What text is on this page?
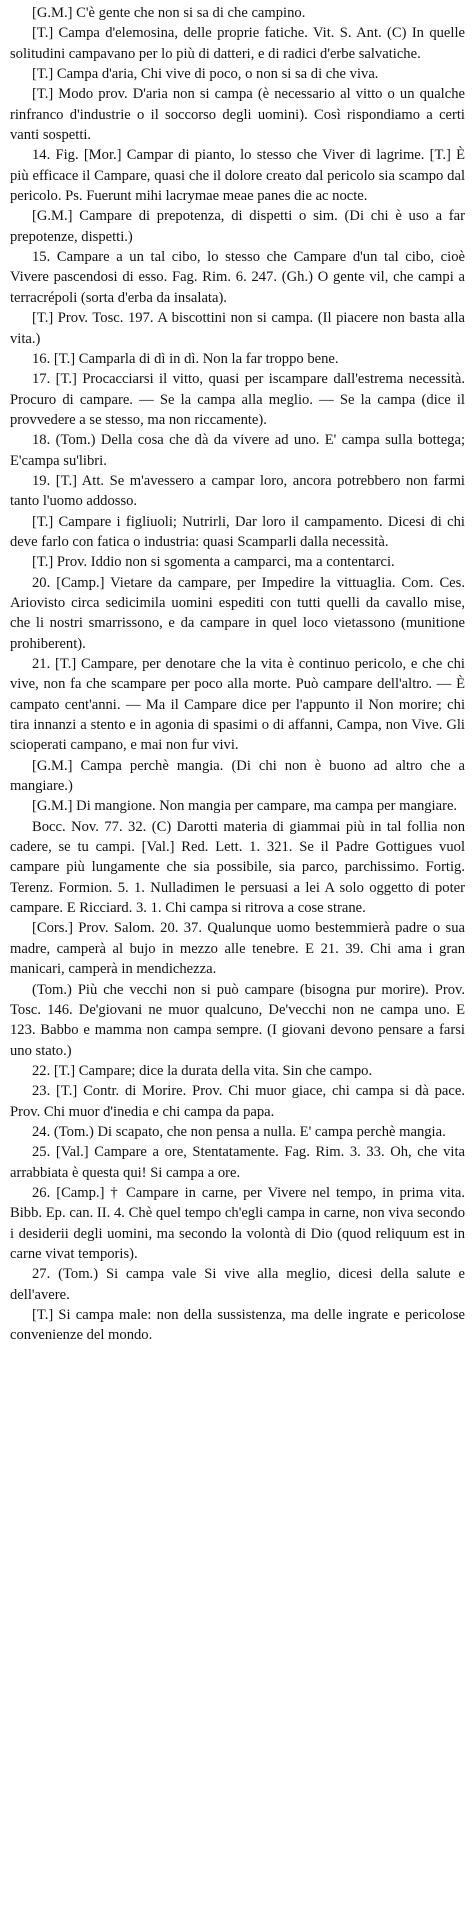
[G.M.] C'è gente che non si sa di che campino.

[T.] Campa d'elemosina, delle proprie fatiche. Vit. S. Ant. (C) In quelle solitudini campavano per lo più di datteri, e di radici d'erbe salvatiche.

[T.] Campa d'aria, Chi vive di poco, o non si sa di che viva.

[T.] Modo prov. D'aria non si campa (è necessario al vitto o un qualche rinfranco d'industrie o il soccorso degli uomini). Così rispondiamo a certi vanti sospetti.

14. Fig. [Mor.] Campar di pianto, lo stesso che Viver di lagrime. [T.] È più efficace il Campare, quasi che il dolore creato dal pericolo sia scampo dal pericolo. Ps. Fuerunt mihi lacrymae meae panes die ac nocte.

[G.M.] Campare di prepotenza, di dispetti o sim. (Di chi è uso a far prepotenze, dispetti.)

15. Campare a un tal cibo, lo stesso che Campare d'un tal cibo, cioè Vivere pascendosi di esso. Fag. Rim. 6. 247. (Gh.) O gente vil, che campi a terracrépoli (sorta d'erba da insalata).

[T.] Prov. Tosc. 197. A biscottini non si campa. (Il piacere non basta alla vita.)

16. [T.] Camparla di dì in dì. Non la far troppo bene.

17. [T.] Procacciarsi il vitto, quasi per iscampare dall'estrema necessità. Procuro di campare. — Se la campa alla meglio. — Se la campa (dice il provvedere a se stesso, ma non riccamente).

18. (Tom.) Della cosa che dà da vivere ad uno. E' campa sulla bottega; E'campa su'libri.

19. [T.] Att. Se m'avessero a campar loro, ancora potrebbero non farmi tanto l'uomo addosso.

[T.] Campare i figliuoli; Nutrirli, Dar loro il campamento. Dicesi di chi deve farlo con fatica o industria: quasi Scamparli dalla necessità.

[T.] Prov. Iddio non si sgomenta a camparci, ma a contentarci.

20. [Camp.] Vietare da campare, per Impedire la vittuaglia. Com. Ces. Ariovisto circa sedicimila uomini espediti con tutti quelli da cavallo mise, che li nostri smarrissono, e da campare in quel loco vietassono (munitione prohiberent).

21. [T.] Campare, per denotare che la vita è continuo pericolo, e che chi vive, non fa che scampare per poco alla morte. Può campare dell'altro. — È campato cent'anni. — Ma il Campare dice per l'appunto il Non morire; chi tira innanzi a stento e in agonia di spasimi o di affanni, Campa, non Vive. Gli scioperati campano, e mai non fur vivi.

[G.M.] Campa perchè mangia. (Di chi non è buono ad altro che a mangiare.)

[G.M.] Di mangione. Non mangia per campare, ma campa per mangiare.

Bocc. Nov. 77. 32. (C) Darotti materia di giammai più in tal follia non cadere, se tu campi. [Val.] Red. Lett. 1. 321. Se il Padre Gottigues vuol campare più lungamente che sia possibile, sia parco, parchissimo. Fortig. Terenz. Formion. 5. 1. Nulladimen le persuasi a lei A solo oggetto di poter campare. E Ricciard. 3. 1. Chi campa si ritrova a cose strane.

[Cors.] Prov. Salom. 20. 37. Qualunque uomo bestemmierà padre o sua madre, camperà al bujo in mezzo alle tenebre. E 21. 39. Chi ama i gran manicari, camperà in mendichezza.

(Tom.) Più che vecchi non si può campare (bisogna pur morire). Prov. Tosc. 146. De'giovani ne muor qualcuno, De'vecchi non ne campa uno. E 123. Babbo e mamma non campa sempre. (I giovani devono pensare a farsi uno stato.)

22. [T.] Campare; dice la durata della vita. Sin che campo.

23. [T.] Contr. di Morire. Prov. Chi muor giace, chi campa si dà pace. Prov. Chi muor d'inedia e chi campa da papa.

24. (Tom.) Di scapato, che non pensa a nulla. E' campa perchè mangia.

25. [Val.] Campare a ore, Stentatamente. Fag. Rim. 3. 33. Oh, che vita arrabbiata è questa qui! Si campa a ore.

26. [Camp.] † Campare in carne, per Vivere nel tempo, in prima vita. Bibb. Ep. can. II. 4. Chè quel tempo ch'egli campa in carne, non viva secondo i desiderii degli uomini, ma secondo la volontà di Dio (quod reliquum est in carne vivat temporis).

27. (Tom.) Si campa vale Si vive alla meglio, dicesi della salute e dell'avere.

[T.] Si campa male: non della sussistenza, ma delle ingrate e pericolose convenienze del mondo.
